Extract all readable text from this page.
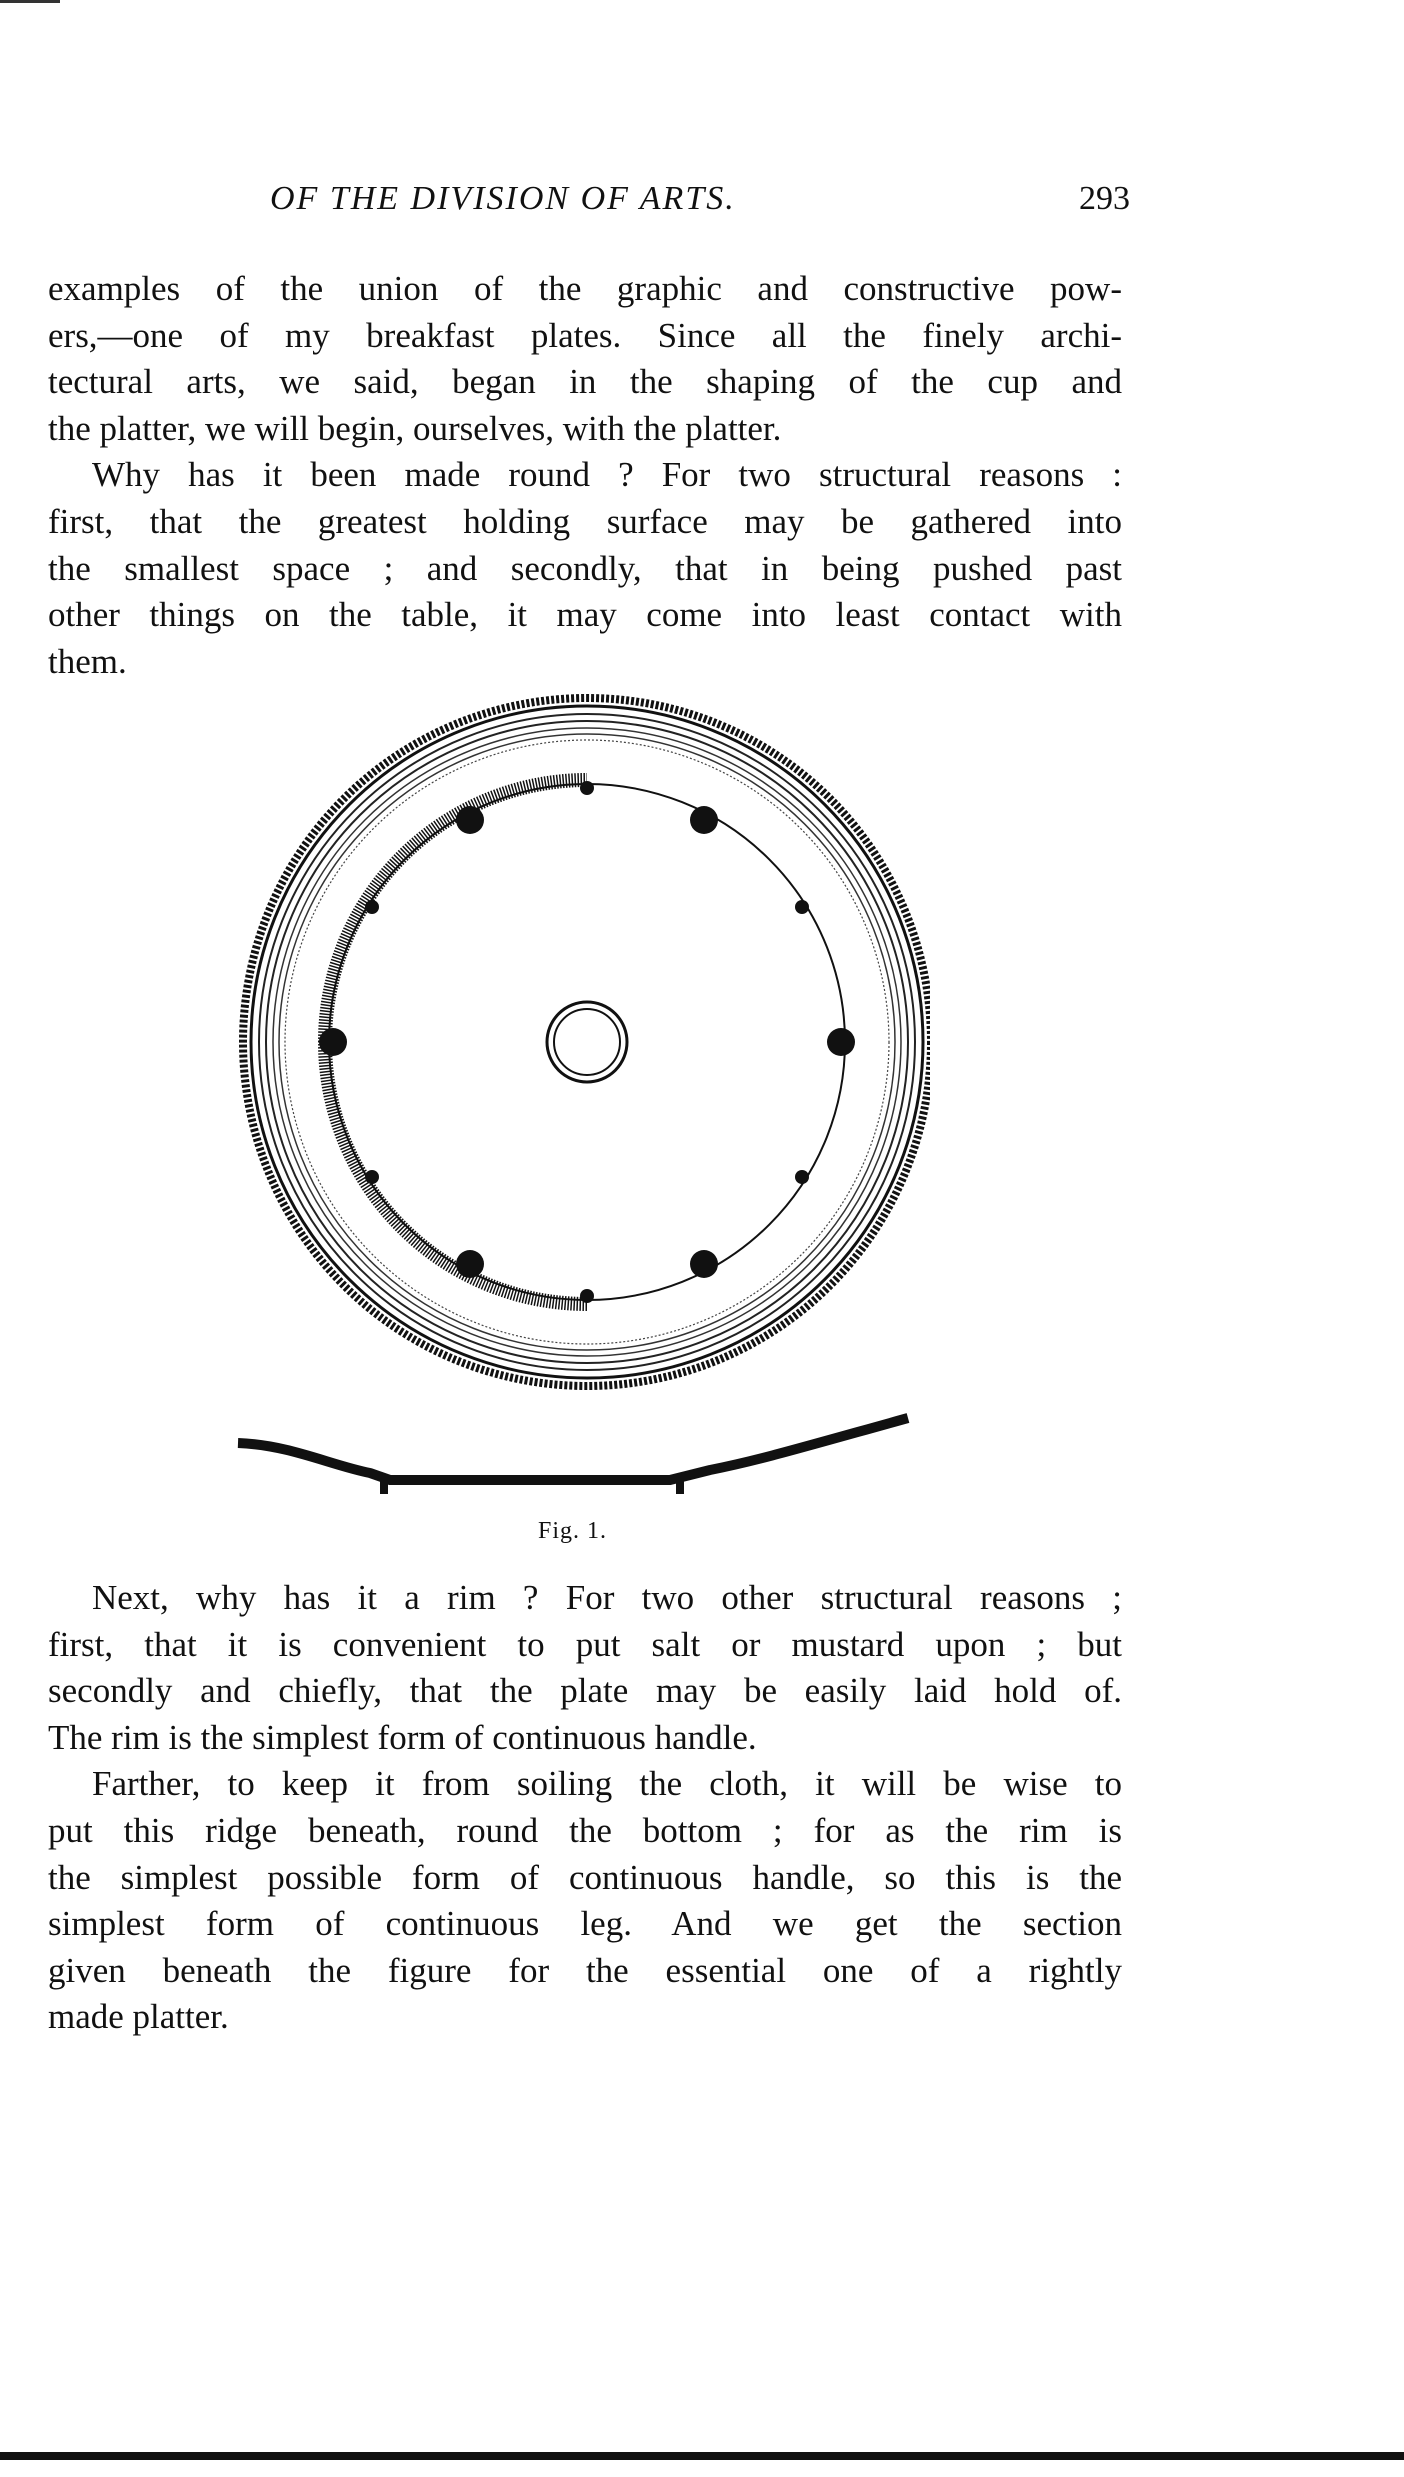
OF THE DIVISION OF ARTS.	293
examples of the union of the graphic and constructive pow-
ers,—one of my breakfast plates. Since all the finely archi-
tectural arts, we said, began in the shaping of the cup and
the platter, we will begin, ourselves, with the platter.
Why has it been made round ? For two structural reasons :
first, that the greatest holding surface may be gathered into
the smallest space ; and secondly, that in being pushed past
other things on the table, it may come into least contact with
them.
Fig. 1.
Next, why has it a rim ? For two other structural reasons ;
first, that it is convenient to put salt or mustard upon ; but
secondly and chiefly, that the plate may be easily laid hold of.
The rim is the simplest form of continuous handle.
Farther, to keep it from soiling the cloth, it will be wise to
put this ridge beneath, round the bottom ; for as the rim is
the simplest possible form of continuous handle, so this is the
simplest form of continuous leg. And we get the section
given beneath the figure for the essential one of a rightly
made platter.
